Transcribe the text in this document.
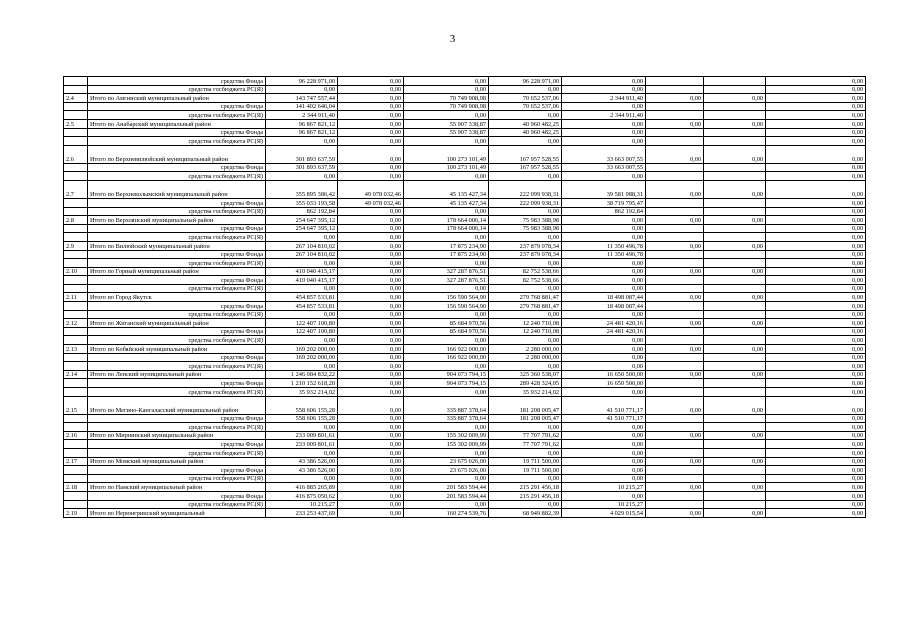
3
	средства Фонда	96 228 971,00	0,00	0,00	96 228 971,00	0,00			0,00
	средства госбюджета РС(Я)	0,00	0,00	0,00	0,00	0,00			0,00
2.4	Итого по Амгинский муниципальный район	143 747 557,44	0,00	70 749 908,98	70 652 537,06	2 344 911,40	0,00	0,00	0,00
	средства Фонда	141 402 646,04	0,00	70 749 908,98	70 652 537,06	0,00			0,00
	средства госбюджета РС(Я)	2 344 911,40	0,00	0,00	0,00	2 344 911,40			0,00
2.5	Итого по Анабарский муниципальный район	96 867 821,12	0,00	55 907 338,87	40 960 482,25	0,00	0,00	0,00	0,00
	средства Фонда	96 867 821,12	0,00	55 907 338,87	40 960 482,25	0,00			0,00
	средства госбюджета РС(Я)	0,00	0,00	0,00	0,00	0,00			0,00
2.6	Итого по Верхневилюйский муниципальный район	301 893 637,59	0,00	100 273 101,49	167 957 528,55	33 663 007,55	0,00	0,00	0,00
	средства Фонда	301 893 637,59	0,00	100 273 101,49	167 957 528,55	33 663 007,55			0,00
	средства госбюджета РС(Я)	0,00	0,00	0,00	0,00	0,00			0,00
2.7	Итого по Верхнеколымский муниципальный район	355 895 386,42	49 078 032,46	45 135 427,34	222 099 938,31	39 581 988,31	0,00	0,00	0,00
	средства Фонда	355 033 193,58	49 078 032,46	45 135 427,34	222 099 938,31	38 719 795,47			0,00
	средства госбюджета РС(Я)	862 192,84	0,00	0,00	0,00	862 192,84			0,00
2.8	Итого по Верхоянский муниципальный район	254 647 395,12	0,00	178 664 006,14	75 983 388,98	0,00	0,00	0,00	0,00
	средства Фонда	254 647 395,12	0,00	178 664 006,14	75 983 388,98	0,00			0,00
	средства госбюджета РС(Я)	0,00	0,00	0,00	0,00	0,00			0,00
2.9	Итого по Вилюйский муниципальный район	267 104 810,02	0,00	17 875 234,90	237 879 078,34	11 350 496,78	0,00	0,00	0,00
	средства Фонда	267 104 810,02	0,00	17 875 234,90	237 879 078,34	11 350 496,78			0,00
	средства госбюджета РС(Я)	0,00	0,00	0,00	0,00	0,00			0,00
2.10	Итого по Горный муниципальный район	410 040 415,17	0,00	327 287 876,51	82 752 538,66	0,00	0,00	0,00	0,00
	средства Фонда	410 040 415,17	0,00	327 287 876,51	82 752 538,66	0,00			0,00
	средства госбюджета РС(Я)	0,00	0,00	0,00	0,00	0,00			0,00
2.11	Итого по Город Якутск	454 857 533,81	0,00	156 590 564,90	279 768 881,47	18 498 087,44	0,00	0,00	0,00
	средства Фонда	454 857 533,81	0,00	156 590 564,90	279 768 881,47	18 498 087,44			0,00
	средства госбюджета РС(Я)	0,00	0,00	0,00	0,00	0,00			0,00
2.12	Итого по Жиганский муниципальный район	122 407 100,80	0,00	85 684 970,56	12 240 710,08	24 481 420,16	0,00	0,00	0,00
	средства Фонда	122 407 100,80	0,00	85 684 970,56	12 240 710,08	24 481 420,16			0,00
	средства госбюджета РС(Я)	0,00	0,00	0,00	0,00	0,00			0,00
2.13	Итого по Кобяйский муниципальный район	169 202 000,00	0,00	166 922 000,00	2 280 000,00	0,00	0,00	0,00	0,00
	средства Фонда	169 202 000,00	0,00	166 922 000,00	2 280 000,00	0,00			0,00
	средства госбюджета РС(Я)	0,00	0,00	0,00	0,00	0,00			0,00
2.14	Итого по Ленский муниципальный район	1 246 084 832,22	0,00	904 073 794,15	325 360 538,07	16 650 500,00	0,00	0,00	0,00
	средства Фонда	1 210 152 618,20	0,00	904 073 794,15	289 428 324,05	16 650 500,00			0,00
	средства госбюджета РС(Я)	35 932 214,02	0,00	0,00	35 932 214,02	0,00			0,00
2.15	Итого по Мегино-Кангаласский муниципальный район	558 606 155,28	0,00	335 887 378,64	181 208 005,47	41 510 771,17	0,00	0,00	0,00
	средства Фонда	558 606 155,28	0,00	335 887 378,64	181 208 005,47	41 510 771,17			0,00
	средства госбюджета РС(Я)	0,00	0,00	0,00	0,00	0,00			0,00
2.16	Итого по Мирнинский муниципальный район	233 009 801,61	0,00	155 302 009,99	77 707 791,62	0,00	0,00	0,00	0,00
	средства Фонда	233 009 801,61	0,00	155 302 009,99	77 707 791,62	0,00			0,00
	средства госбюджета РС(Я)	0,00	0,00	0,00	0,00	0,00			0,00
2.17	Итого по Момский муниципальный район	43 386 526,00	0,00	23 675 026,00	19 711 500,00	0,00	0,00	0,00	0,00
	средства Фонда	43 386 526,00	0,00	23 675 026,00	19 711 500,00	0,00			0,00
	средства госбюджета РС(Я)	0,00	0,00	0,00	0,00	0,00			0,00
2.18	Итого по Намский муниципальный район	416 885 265,89	0,00	201 583 594,44	215 291 456,18	10 215,27	0,00	0,00	0,00
	средства Фонда	416 875 050,62	0,00	201 583 594,44	215 291 456,18	0,00			0,00
	средства госбюджета РС(Я)	10 215,27	0,00	0,00	0,00	10 215,27			0,00
2.19	Итого по Нерюнгринский муниципальный	233 253 437,69	0,00	160 274 539,76	68 949 882,39	4 029 015,54	0,00	0,00	0,00
